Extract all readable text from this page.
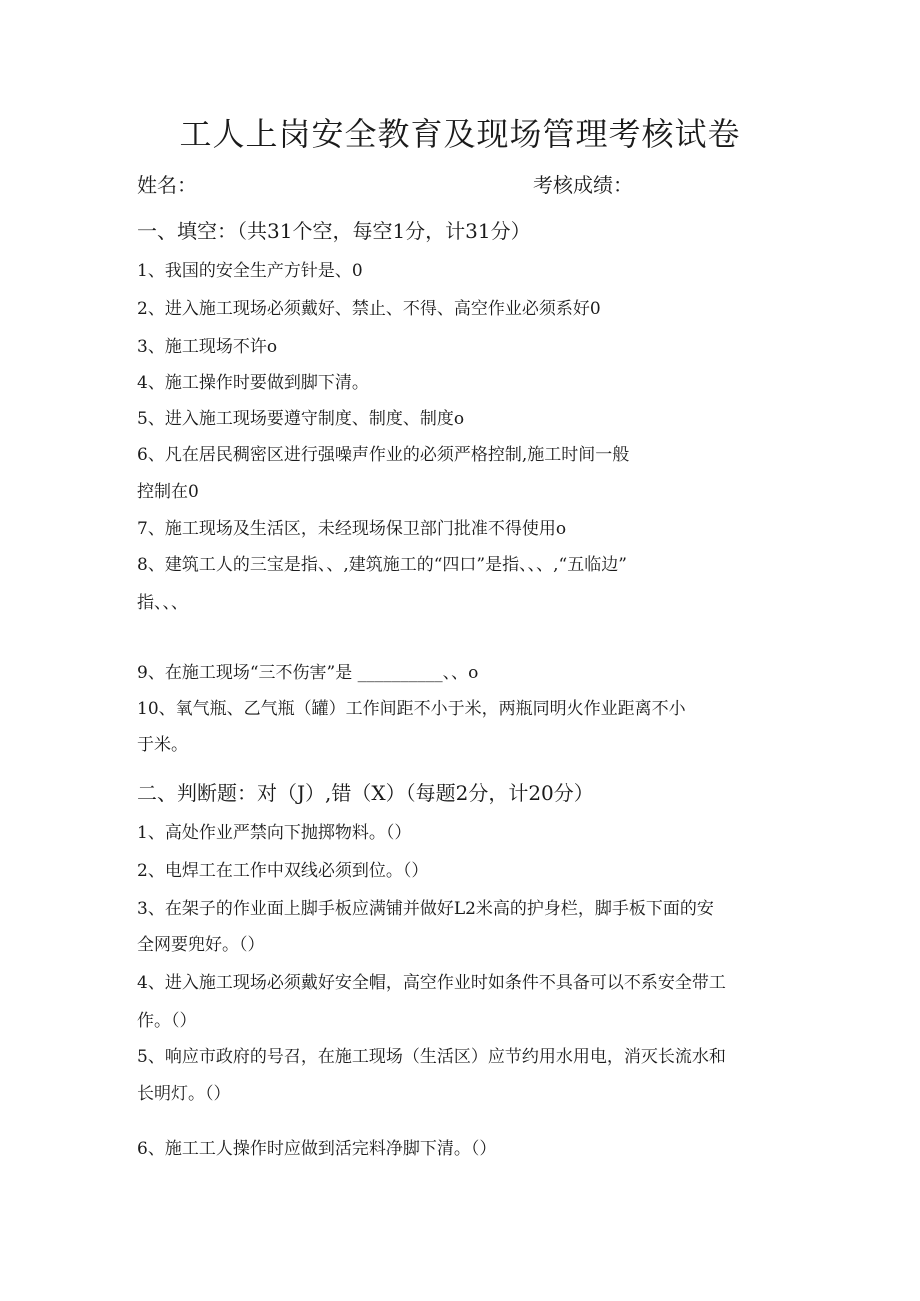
工人上岗安全教育及现场管理考核试卷
姓名：	考核成绩：
一、填空：（共31个空，每空1分，计31分）
1、我国的安全生产方针是、0
2、进入施工现场必须戴好、禁止、不得、高空作业必须系好0
3、施工现场不许o
4、施工操作时要做到脚下清。
5、进入施工现场要遵守制度、制度、制度o
6、凡在居民稠密区进行强噪声作业的必须严格控制,施工时间一般
控制在0
7、施工现场及生活区，未经现场保卫部门批准不得使用o
8、建筑工人的三宝是指、、,建筑施工的“四口”是指、、、,“五临边”
指、、、
9、在施工现场“三不伤害”是 __________、、o
10、氧气瓶、乙气瓶（罐）工作间距不小于米，两瓶同明火作业距离不小
于米。
二、判断题：对（J）,错（X）（每题2分，计20分）
1、高处作业严禁向下抛掷物料。（）
2、电焊工在工作中双线必须到位。（）
3、在架子的作业面上脚手板应满铺并做好L2米高的护身栏，脚手板下面的安
全网要兜好。（）
4、进入施工现场必须戴好安全帽，高空作业时如条件不具备可以不系安全带工
作。（）
5、响应市政府的号召，在施工现场（生活区）应节约用水用电，消灭长流水和
长明灯。（）
6、施工工人操作时应做到活完料净脚下清。（）
